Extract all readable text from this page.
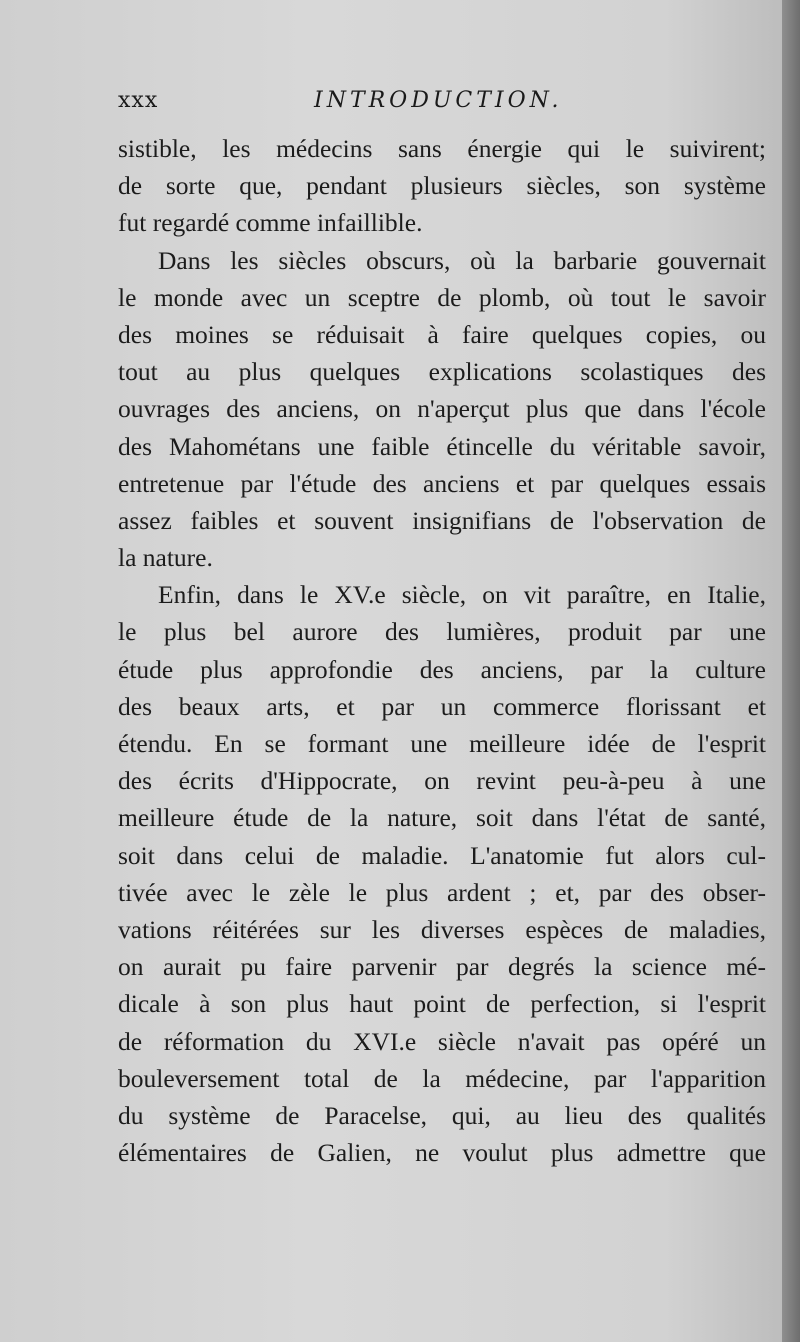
xxx	INTRODUCTION.
sistible, les médecins sans énergie qui le suivirent;
de sorte que, pendant plusieurs siècles, son système
fut regardé comme infaillible.
Dans les siècles obscurs, où la barbarie gouvernait
le monde avec un sceptre de plomb, où tout le savoir
des moines se réduisait à faire quelques copies, ou
tout au plus quelques explications scolastiques des
ouvrages des anciens, on n'aperçut plus que dans l'école
des Mahométans une faible étincelle du véritable savoir,
entretenue par l'étude des anciens et par quelques essais
assez faibles et souvent insignifians de l'observation de
la nature.
Enfin, dans le XV.e siècle, on vit paraître, en Italie,
le plus bel aurore des lumières, produit par une
étude plus approfondie des anciens, par la culture
des beaux arts, et par un commerce florissant et
étendu. En se formant une meilleure idée de l'esprit
des écrits d'Hippocrate, on revint peu-à-peu à une
meilleure étude de la nature, soit dans l'état de santé,
soit dans celui de maladie. L'anatomie fut alors cul-
tivée avec le zèle le plus ardent ; et, par des obser-
vations réitérées sur les diverses espèces de maladies,
on aurait pu faire parvenir par degrés la science mé-
dicale à son plus haut point de perfection, si l'esprit
de réformation du XVI.e siècle n'avait pas opéré un
bouleversement total de la médecine, par l'apparition
du système de Paracelse, qui, au lieu des qualités
élémentaires de Galien, ne voulut plus admettre que
